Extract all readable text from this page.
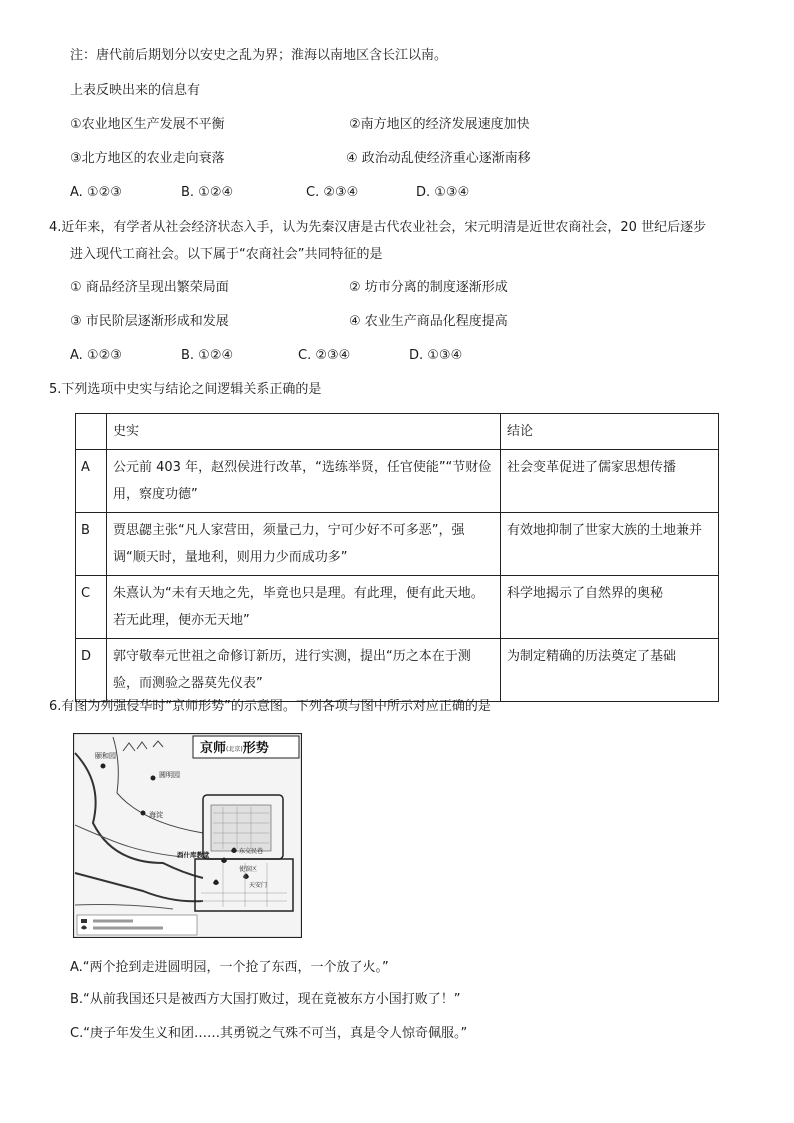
注：唐代前后期划分以安史之乱为界；淮海以南地区含长江以南。
上表反映出来的信息有
①农业地区生产发展不平衡	②南方地区的经济发展速度加快
③北方地区的农业走向衰落	④ 政治动乱使经济重心逐渐南移
A. ①②③	B. ①②④	C. ②③④	D. ①③④
4.近年来，有学者从社会经济状态入手，认为先秦汉唐是古代农业社会，宋元明清是近世农商社会，20 世纪后逐步
进入现代工商社会。以下属于“农商社会”共同特征的是
① 商品经济呈现出繁荣局面	② 坊市分离的制度逐渐形成
③ 市民阶层逐渐形成和发展	④ 农业生产商品化程度提高
A. ①②③	B. ①②④	C. ②③④	D. ①③④
5.下列选项中史实与结论之间逻辑关系正确的是
	史实	结论
A	公元前 403 年，赵烈侯进行改革，“选练举贤，任官使能”“节财俭用，察度功德”	社会变革促进了儒家思想传播
B	贾思勰主张“凡人家营田，须量己力，宁可少好不可多恶”，强调“顺天时，量地利，则用力少而成功多”	有效地抑制了世家大族的土地兼并
C	朱熹认为“未有天地之先，毕竟也只是理。有此理，便有此天地。若无此理，便亦无天地”	科学地揭示了自然界的奥秘
D	郭守敬奉元世祖之命修订新历，进行实测，提出“历之本在于测验，而测验之器莫先仪表”	为制定精确的历法奠定了基础
6.有图为列强侵华时“京师形势”的示意图。下列各项与图中所示对应正确的是
京师(北京)形势
颐和园
圆明园
海淀
西什库教堂	东交民巷
使馆区
天安门
A.“两个抢到走进圆明园，一个抢了东西，一个放了火。”
B.“从前我国还只是被西方大国打败过，现在竟被东方小国打败了！”
C.“庚子年发生义和团……其勇锐之气殊不可当，真是令人惊奇佩服。”
